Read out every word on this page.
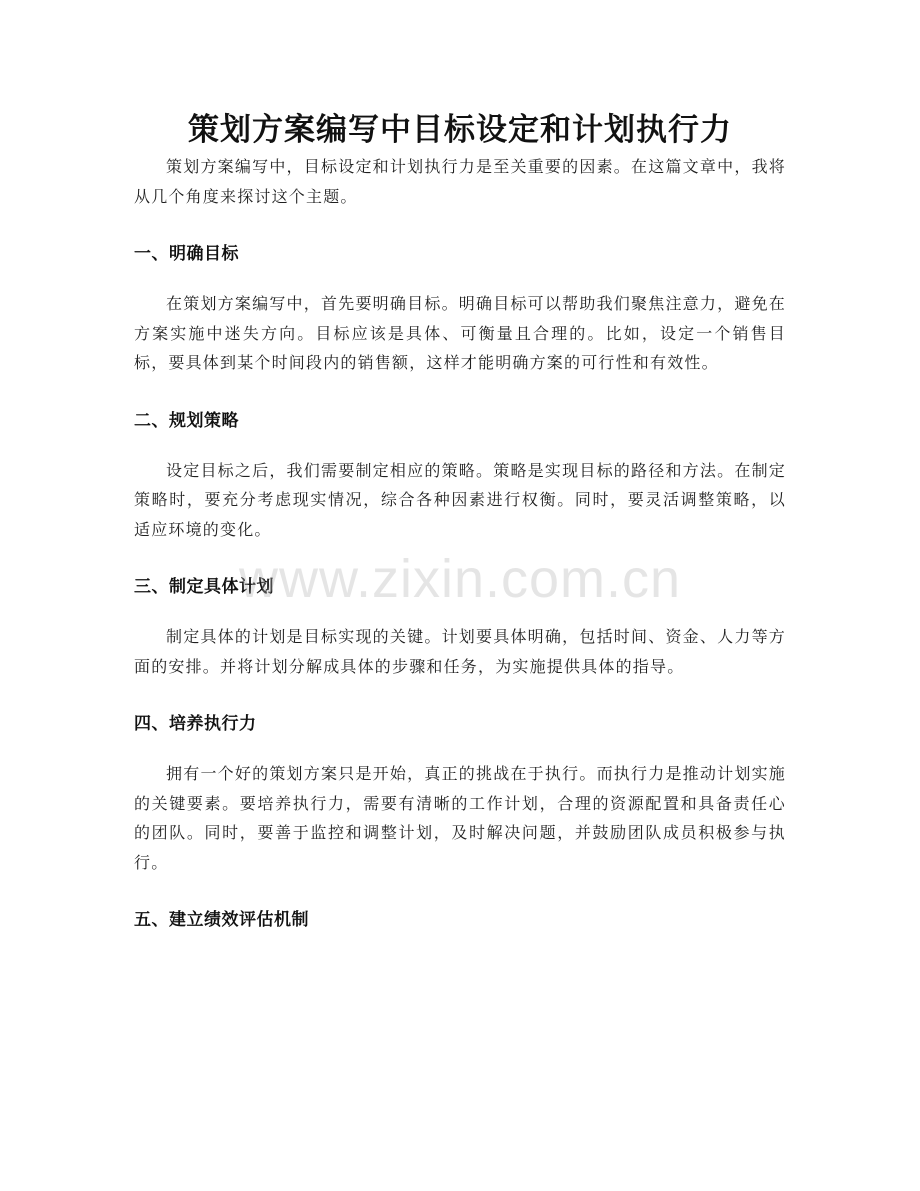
策划方案编写中目标设定和计划执行力

策划方案编写中，目标设定和计划执行力是至关重要的因素。在这篇文章中，我将从几个角度来探讨这个主题。

一、明确目标

在策划方案编写中，首先要明确目标。明确目标可以帮助我们聚焦注意力，避免在方案实施中迷失方向。目标应该是具体、可衡量且合理的。比如，设定一个销售目标，要具体到某个时间段内的销售额，这样才能明确方案的可行性和有效性。

二、规划策略

设定目标之后，我们需要制定相应的策略。策略是实现目标的路径和方法。在制定策略时，要充分考虑现实情况，综合各种因素进行权衡。同时，要灵活调整策略，以适应环境的变化。

三、制定具体计划

制定具体的计划是目标实现的关键。计划要具体明确，包括时间、资金、人力等方面的安排。并将计划分解成具体的步骤和任务，为实施提供具体的指导。

四、培养执行力

拥有一个好的策划方案只是开始，真正的挑战在于执行。而执行力是推动计划实施的关键要素。要培养执行力，需要有清晰的工作计划，合理的资源配置和具备责任心的团队。同时，要善于监控和调整计划，及时解决问题，并鼓励团队成员积极参与执行。

五、建立绩效评估机制
www.zixin.com.cn
